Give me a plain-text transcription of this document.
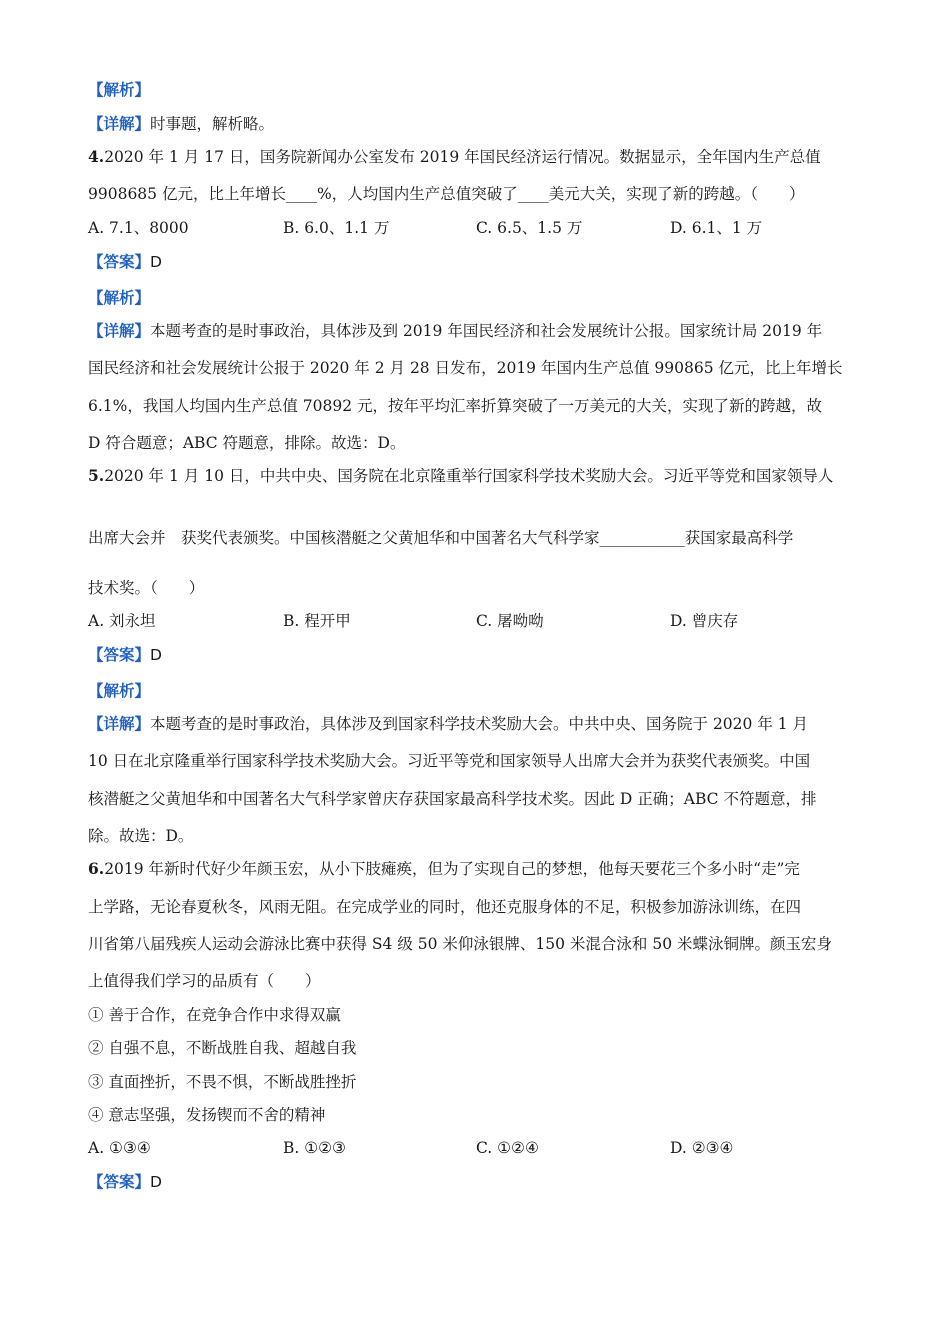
【解析】
【详解】时事题，解析略。
4.2020 年 1 月 17 日，国务院新闻办公室发布 2019 年国民经济运行情况。数据显示，全年国内生产总值
9908685 亿元，比上年增长____%，人均国内生产总值突破了____美元大关，实现了新的跨越。（　　）
A. 7.1、8000	B. 6.0、1.1 万	C. 6.5、1.5 万	D. 6.1、1 万
【答案】D
【解析】
【详解】本题考查的是时事政治，具体涉及到 2019 年国民经济和社会发展统计公报。国家统计局 2019 年
国民经济和社会发展统计公报于 2020 年 2 月 28 日发布，2019 年国内生产总值 990865 亿元，比上年增长
6.1%，我国人均国内生产总值 70892 元，按年平均汇率折算突破了一万美元的大关，实现了新的跨越，故
D 符合题意；ABC 符题意，排除。故选：D。
5.2020 年 1 月 10 日，中共中央、国务院在北京隆重举行国家科学技术奖励大会。习近平等党和国家领导人
出席大会并　获奖代表颁奖。中国核潜艇之父黄旭华和中国著名大气科学家___________获国家最高科学
技术奖。（　　）
A. 刘永坦	B. 程开甲	C. 屠呦呦	D. 曾庆存
【答案】D
【解析】
【详解】本题考查的是时事政治，具体涉及到国家科学技术奖励大会。中共中央、国务院于 2020 年 1 月
10 日在北京隆重举行国家科学技术奖励大会。习近平等党和国家领导人出席大会并为获奖代表颁奖。中国
核潜艇之父黄旭华和中国著名大气科学家曾庆存获国家最高科学技术奖。因此 D 正确；ABC 不符题意，排
除。故选：D。
6.2019 年新时代好少年颜玉宏，从小下肢瘫痪，但为了实现自己的梦想，他每天要花三个多小时“走”完
上学路，无论春夏秋冬，风雨无阻。在完成学业的同时，他还克服身体的不足，积极参加游泳训练，在四
川省第八届残疾人运动会游泳比赛中获得 S4 级 50 米仰泳银牌、150 米混合泳和 50 米蝶泳铜牌。颜玉宏身
上值得我们学习的品质有（　　）
① 善于合作，在竞争合作中求得双赢
② 自强不息，不断战胜自我、超越自我
③ 直面挫折，不畏不惧，不断战胜挫折
④ 意志坚强，发扬锲而不舍的精神
A. ①③④	B. ①②③	C. ①②④	D. ②③④
【答案】D
